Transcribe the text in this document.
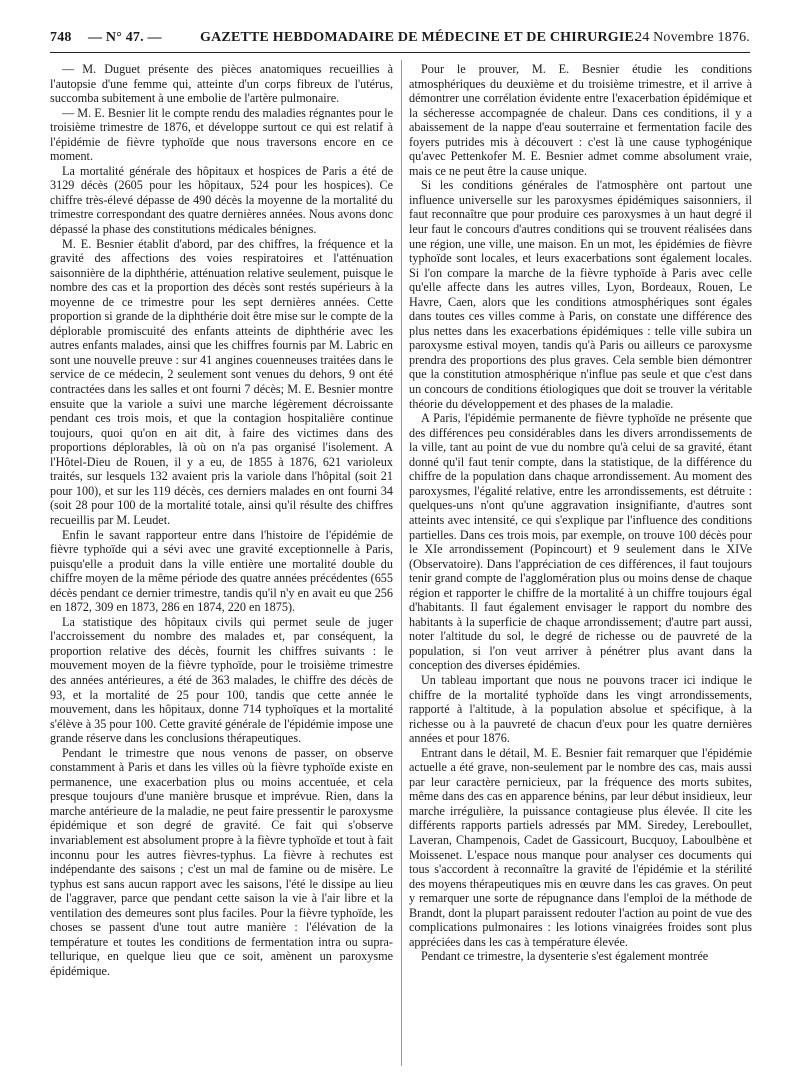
748 — N° 47. —	GAZETTE HEBDOMADAIRE DE MÉDECINE ET DE CHIRURGIE.
24 Novembre 1876.

— M. Duguet présente des pièces anatomiques recueillies à l'autopsie d'une femme qui, atteinte d'un corps fibreux de l'utérus, succomba subitement à une embolie de l'artère pulmonaire.

— M. E. Besnier lit le compte rendu des maladies régnantes pour le troisième trimestre de 1876, et développe surtout ce qui est relatif à l'épidémie de fièvre typhoïde que nous traversons encore en ce moment.

La mortalité générale des hôpitaux et hospices de Paris a été de 3129 décès (2605 pour les hôpitaux, 524 pour les hospices). Ce chiffre très-élevé dépasse de 490 décès la moyenne de la mortalité du trimestre correspondant des quatre dernières années. Nous avons donc dépassé la phase des constitutions médicales bénignes.

M. E. Besnier établit d'abord, par des chiffres, la fréquence et la gravité des affections des voies respiratoires et l'atténuation saisonnière de la diphthérie, atténuation relative seulement, puisque le nombre des cas et la proportion des décès sont restés supérieurs à la moyenne de ce trimestre pour les sept dernières années. Cette proportion si grande de la diphthérie doit être mise sur le compte de la déplorable promiscuité des enfants atteints de diphthérie avec les autres enfants malades, ainsi que les chiffres fournis par M. Labric en sont une nouvelle preuve : sur 41 angines couenneuses traitées dans le service de ce médecin, 2 seulement sont venues du dehors, 9 ont été contractées dans les salles et ont fourni 7 décès; M. E. Besnier montre ensuite que la variole a suivi une marche légèrement décroissante pendant ces trois mois, et que la contagion hospitalière continue toujours, quoi qu'on en ait dit, à faire des victimes dans des proportions déplorables, là où on n'a pas organisé l'isolement. A l'Hôtel-Dieu de Rouen, il y a eu, de 1855 à 1876, 621 varioleux traités, sur lesquels 132 avaient pris la variole dans l'hôpital (soit 21 pour 100), et sur les 119 décès, ces derniers malades en ont fourni 34 (soit 28 pour 100 de la mortalité totale, ainsi qu'il résulte des chiffres recueillis par M. Leudet.

Enfin le savant rapporteur entre dans l'histoire de l'épidémie de fièvre typhoïde qui a sévi avec une gravité exceptionnelle à Paris, puisqu'elle a produit dans la ville entière une mortalité double du chiffre moyen de la même période des quatre années précédentes (655 décès pendant ce dernier trimestre, tandis qu'il n'y en avait eu que 256 en 1872, 309 en 1873, 286 en 1874, 220 en 1875).

La statistique des hôpitaux civils qui permet seule de juger l'accroissement du nombre des malades et, par conséquent, la proportion relative des décès, fournit les chiffres suivants : le mouvement moyen de la fièvre typhoïde, pour le troisième trimestre des années antérieures, a été de 363 malades, le chiffre des décès de 93, et la mortalité de 25 pour 100, tandis que cette année le mouvement, dans les hôpitaux, donne 714 typhoïques et la mortalité s'élève à 35 pour 100. Cette gravité générale de l'épidémie impose une grande réserve dans les conclusions thérapeutiques.

Pendant le trimestre que nous venons de passer, on observe constamment à Paris et dans les villes où la fièvre typhoïde existe en permanence, une exacerbation plus ou moins accentuée, et cela presque toujours d'une manière brusque et imprévue. Rien, dans la marche antérieure de la maladie, ne peut faire pressentir le paroxysme épidémique et son degré de gravité. Ce fait qui s'observe invariablement est absolument propre à la fièvre typhoïde et tout à fait inconnu pour les autres fièvres-typhus. La fièvre à rechutes est indépendante des saisons ; c'est un mal de famine ou de misère. Le typhus est sans aucun rapport avec les saisons, l'été le dissipe au lieu de l'aggraver, parce que pendant cette saison la vie à l'air libre et la ventilation des demeures sont plus faciles. Pour la fièvre typhoïde, les choses se passent d'une tout autre manière : l'élévation de la température et toutes les conditions de fermentation intra ou supra-tellurique, en quelque lieu que ce soit, amènent un paroxysme épidémique.

Pour le prouver, M. E. Besnier étudie les conditions atmosphériques du deuxième et du troisième trimestre, et il arrive à démontrer une corrélation évidente entre l'exacerbation épidémique et la sécheresse accompagnée de chaleur. Dans ces conditions, il y a abaissement de la nappe d'eau souterraine et fermentation facile des foyers putrides mis à découvert : c'est là une cause typhogénique qu'avec Pettenkofer M. E. Besnier admet comme absolument vraie, mais ce ne peut être la cause unique.

Si les conditions générales de l'atmosphère ont partout une influence universelle sur les paroxysmes épidémiques saisonniers, il faut reconnaître que pour produire ces paroxysmes à un haut degré il leur faut le concours d'autres conditions qui se trouvent réalisées dans une région, une ville, une maison. En un mot, les épidémies de fièvre typhoïde sont locales, et leurs exacerbations sont également locales. Si l'on compare la marche de la fièvre typhoïde à Paris avec celle qu'elle affecte dans les autres villes, Lyon, Bordeaux, Rouen, Le Havre, Caen, alors que les conditions atmosphériques sont égales dans toutes ces villes comme à Paris, on constate une différence des plus nettes dans les exacerbations épidémiques : telle ville subira un paroxysme estival moyen, tandis qu'à Paris ou ailleurs ce paroxysme prendra des proportions des plus graves. Cela semble bien démontrer que la constitution atmosphérique n'influe pas seule et que c'est dans un concours de conditions étiologiques que doit se trouver la véritable théorie du développement et des phases de la maladie.

A Paris, l'épidémie permanente de fièvre typhoïde ne présente que des différences peu considérables dans les divers arrondissements de la ville, tant au point de vue du nombre qu'à celui de sa gravité, étant donné qu'il faut tenir compte, dans la statistique, de la différence du chiffre de la population dans chaque arrondissement. Au moment des paroxysmes, l'égalité relative, entre les arrondissements, est détruite : quelques-uns n'ont qu'une aggravation insignifiante, d'autres sont atteints avec intensité, ce qui s'explique par l'influence des conditions partielles. Dans ces trois mois, par exemple, on trouve 100 décès pour le XIe arrondissement (Popincourt) et 9 seulement dans le XIVe (Observatoire). Dans l'appréciation de ces différences, il faut toujours tenir grand compte de l'agglomération plus ou moins dense de chaque région et rapporter le chiffre de la mortalité à un chiffre toujours égal d'habitants. Il faut également envisager le rapport du nombre des habitants à la superficie de chaque arrondissement; d'autre part aussi, noter l'altitude du sol, le degré de richesse ou de pauvreté de la population, si l'on veut arriver à pénétrer plus avant dans la conception des diverses épidémies.

Un tableau important que nous ne pouvons tracer ici indique le chiffre de la mortalité typhoïde dans les vingt arrondissements, rapporté à l'altitude, à la population absolue et spécifique, à la richesse ou à la pauvreté de chacun d'eux pour les quatre dernières années et pour 1876.

Entrant dans le détail, M. E. Besnier fait remarquer que l'épidémie actuelle a été grave, non-seulement par le nombre des cas, mais aussi par leur caractère pernicieux, par la fréquence des morts subites, même dans des cas en apparence bénins, par leur début insidieux, leur marche irrégulière, la puissance contagieuse plus élevée. Il cite les différents rapports partiels adressés par MM. Siredey, Lereboullet, Laveran, Champenois, Cadet de Gassicourt, Bucquoy, Laboulbène et Moissenet. L'espace nous manque pour analyser ces documents qui tous s'accordent à reconnaître la gravité de l'épidémie et la stérilité des moyens thérapeutiques mis en œuvre dans les cas graves. On peut y remarquer une sorte de répugnance dans l'emploi de la méthode de Brandt, dont la plupart paraissent redouter l'action au point de vue des complications pulmonaires : les lotions vinaigrées froides sont plus appréciées dans les cas à température élevée.

Pendant ce trimestre, la dysenterie s'est également montrée
